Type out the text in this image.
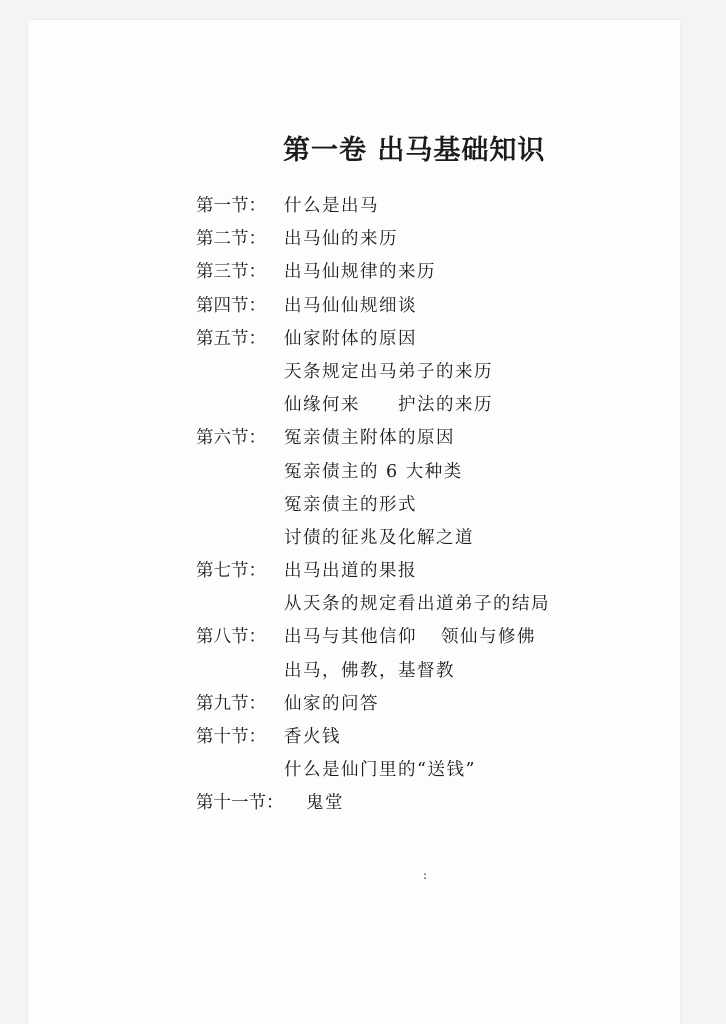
第一卷 出马基础知识
第一节： 什么是出马
第二节： 出马仙的来历
第三节： 出马仙规律的来历
第四节： 出马仙仙规细谈
第五节： 仙家附体的原因
天条规定出马弟子的来历
仙缘何来 护法的来历
第六节： 冤亲债主附体的原因
冤亲债主的 6 大种类
冤亲债主的形式
讨债的征兆及化解之道
第七节： 出马出道的果报
从天条的规定看出道弟子的结局
第八节： 出马与其他信仰 领仙与修佛
出马，佛教，基督教
第九节： 仙家的问答
第十节： 香火钱
什么是仙门里的“送钱”
第十一节： 鬼堂
:
